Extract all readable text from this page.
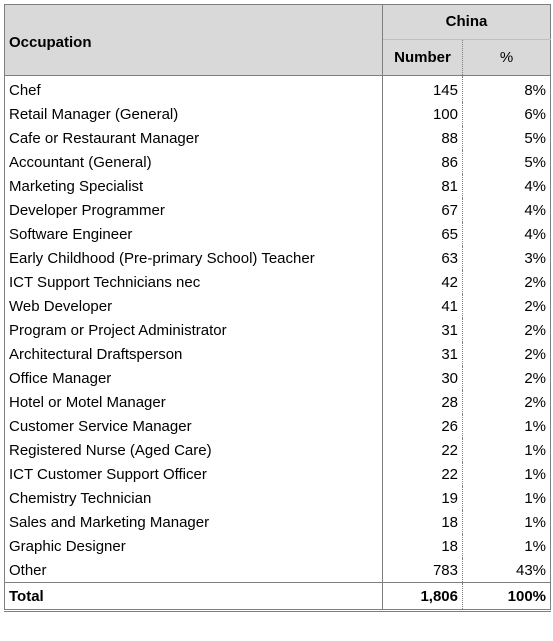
Occupation	China	
	Number	%
Chef	145	8%
Retail Manager (General)	100	6%
Cafe or Restaurant Manager	88	5%
Accountant (General)	86	5%
Marketing Specialist	81	4%
Developer Programmer	67	4%
Software Engineer	65	4%
Early Childhood (Pre-primary School) Teacher	63	3%
ICT Support Technicians nec	42	2%
Web Developer	41	2%
Program or Project Administrator	31	2%
Architectural Draftsperson	31	2%
Office Manager	30	2%
Hotel or Motel Manager	28	2%
Customer Service Manager	26	1%
Registered Nurse (Aged Care)	22	1%
ICT Customer Support Officer	22	1%
Chemistry Technician	19	1%
Sales and Marketing Manager	18	1%
Graphic Designer	18	1%
Other	783	43%
Total	1,806	100%
